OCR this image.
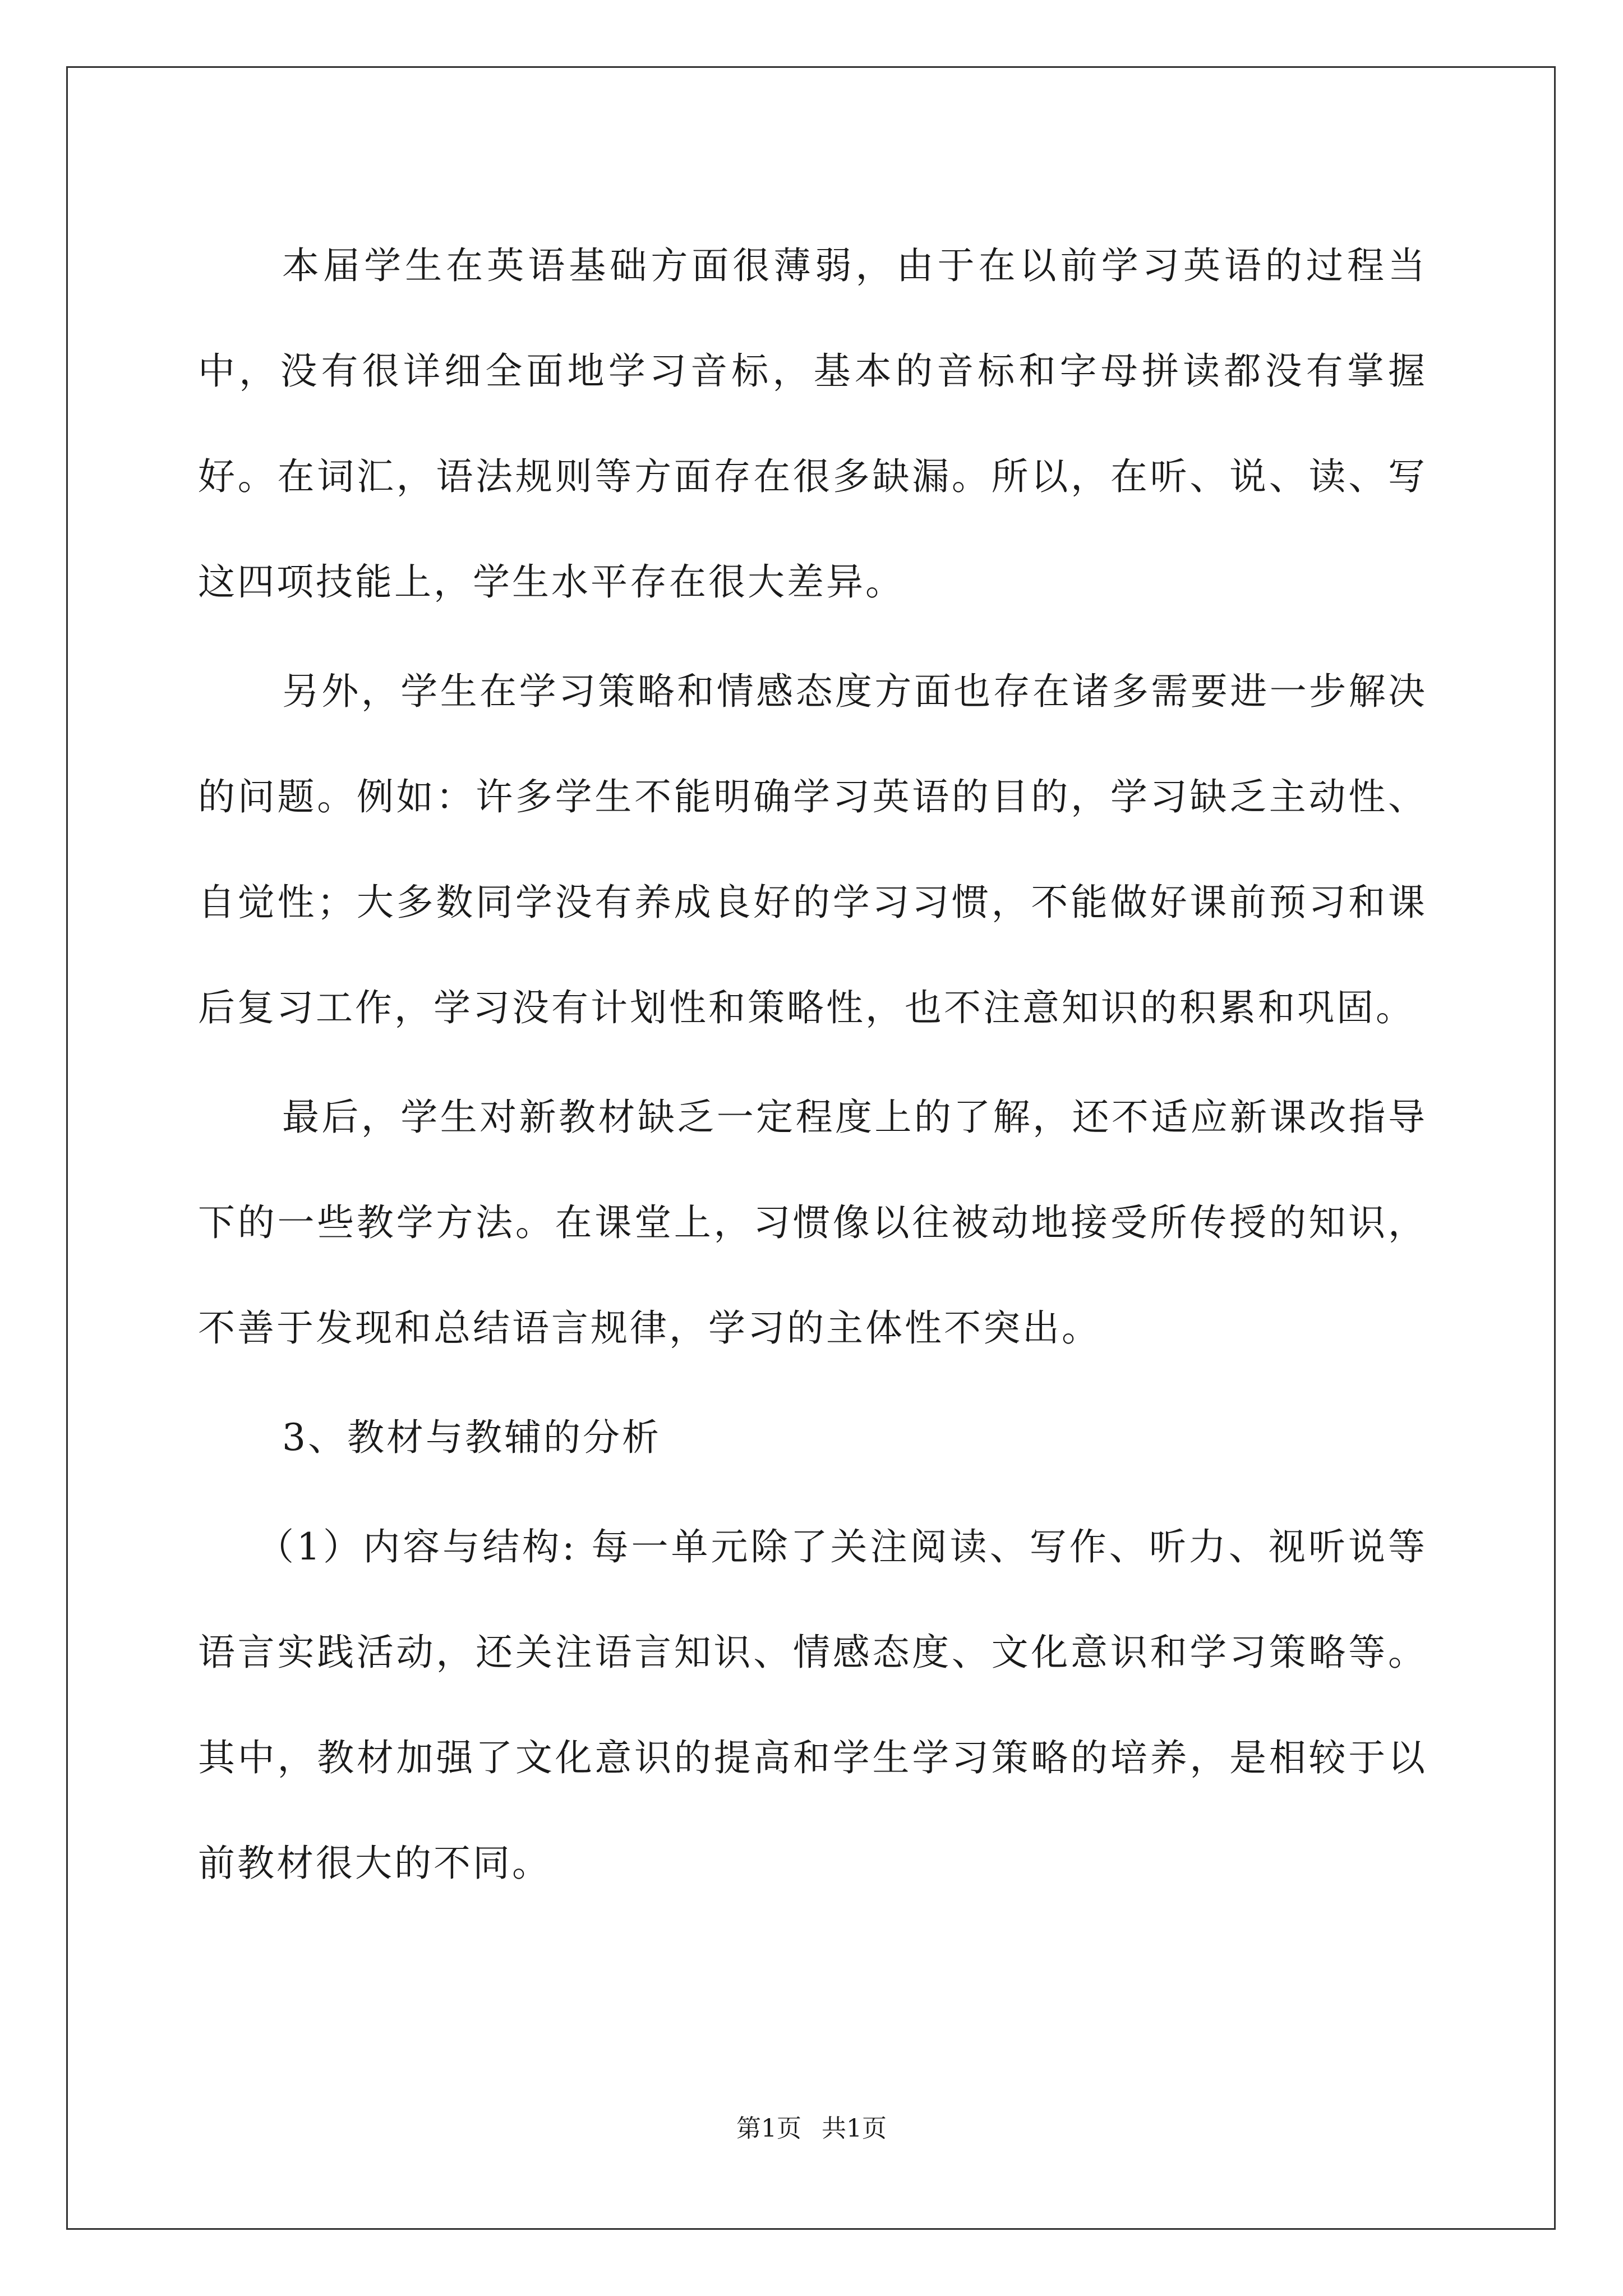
本届学生在英语基础方面很薄弱，由于在以前学习英语的过程当中，没有很详细全面地学习音标，基本的音标和字母拼读都没有掌握好。在词汇，语法规则等方面存在很多缺漏。所以，在听、说、读、写这四项技能上，学生水平存在很大差异。

另外，学生在学习策略和情感态度方面也存在诸多需要进一步解决的问题。例如：许多学生不能明确学习英语的目的，学习缺乏主动性、自觉性；大多数同学没有养成良好的学习习惯，不能做好课前预习和课后复习工作，学习没有计划性和策略性，也不注意知识的积累和巩固。

最后，学生对新教材缺乏一定程度上的了解，还不适应新课改指导下的一些教学方法。在课堂上，习惯像以往被动地接受所传授的知识，不善于发现和总结语言规律，学习的主体性不突出。

3、教材与教辅的分析

（1）内容与结构: 每一单元除了关注阅读、写作、听力、视听说等语言实践活动，还关注语言知识、情感态度、文化意识和学习策略等。其中，教材加强了文化意识的提高和学生学习策略的培养，是相较于以前教材很大的不同。

第1页 共1页
